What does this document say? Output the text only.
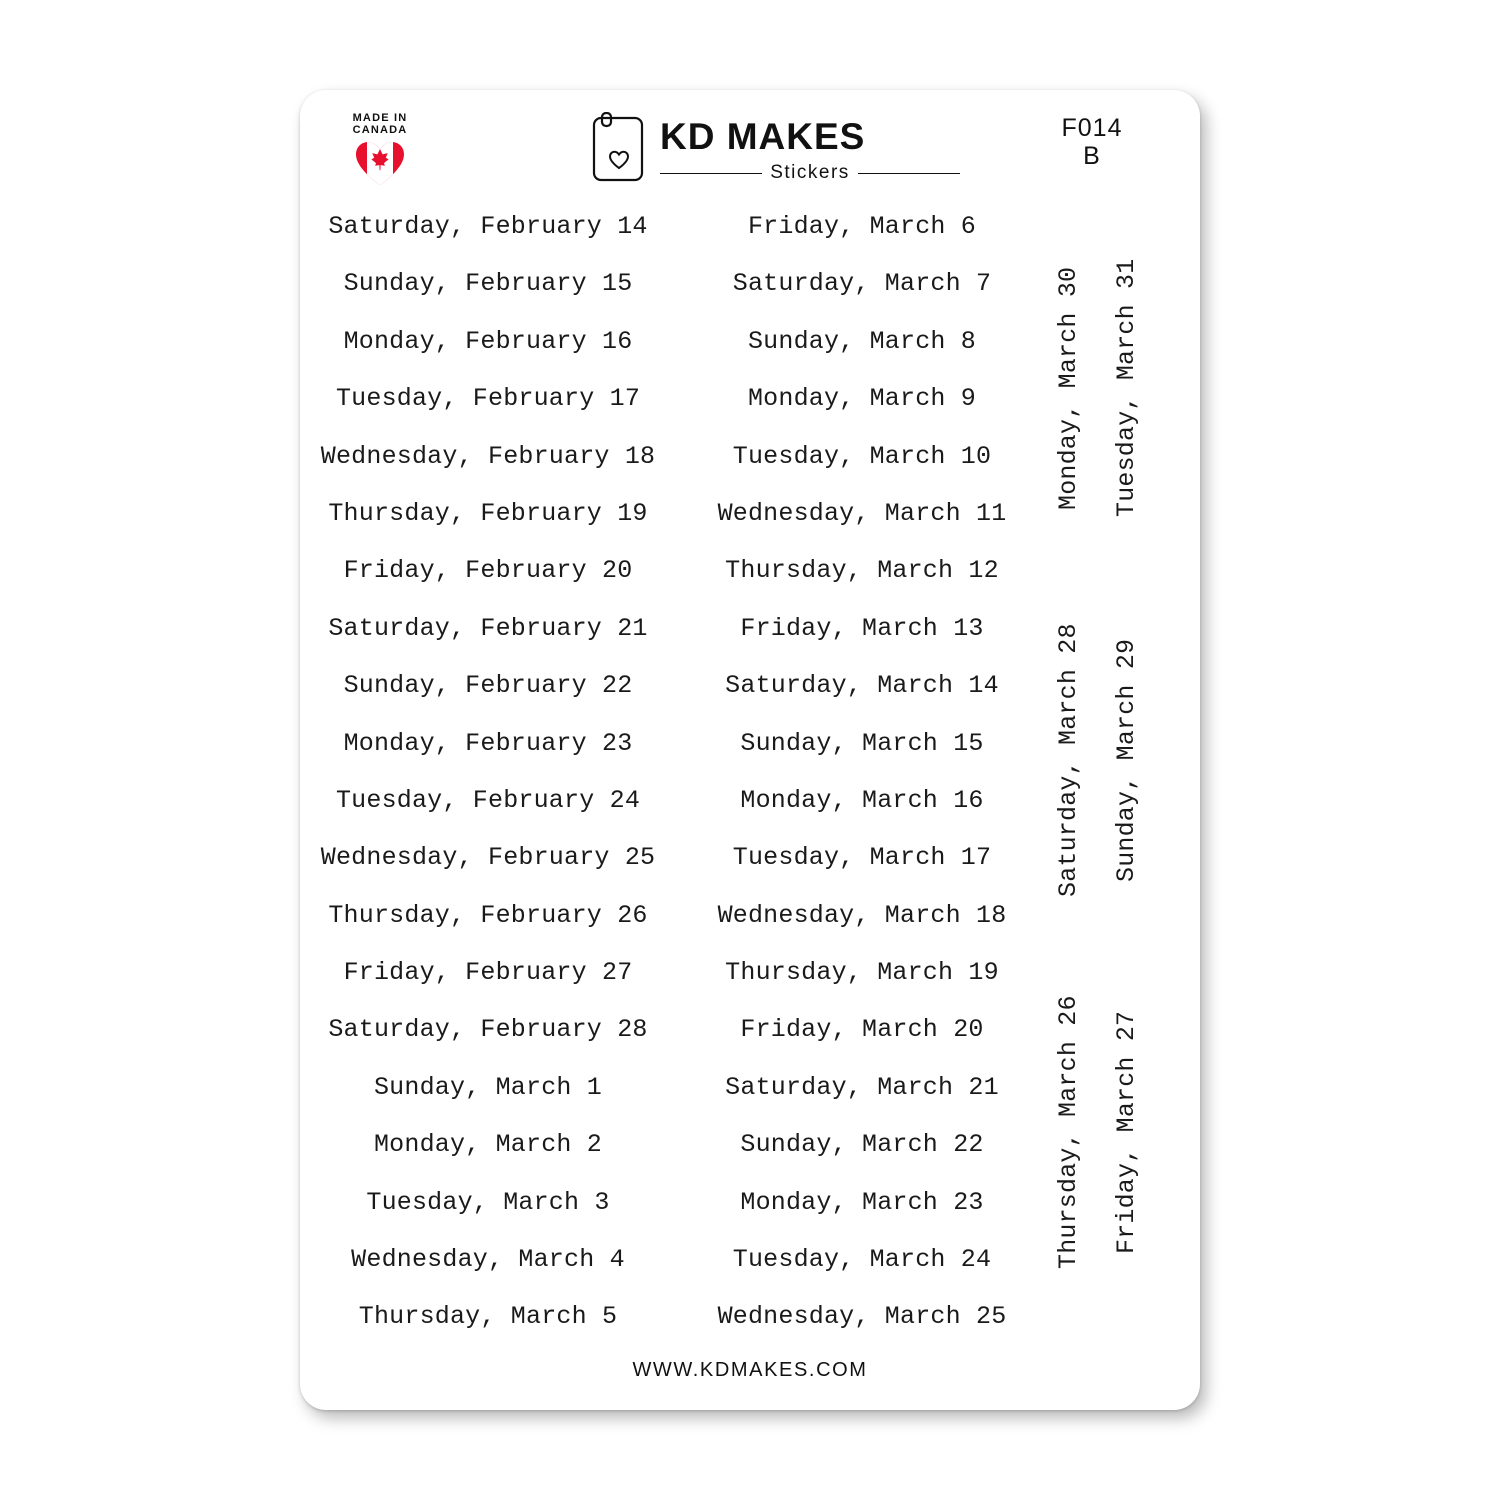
MADE IN CANADA	KD MAKES
Stickers
F014
B
Saturday, February 14
Sunday, February 15
Monday, February 16
Tuesday, February 17
Wednesday, February 18
Thursday, February 19
Friday, February 20
Saturday, February 21
Sunday, February 22
Monday, February 23
Tuesday, February 24
Wednesday, February 25
Thursday, February 26
Friday, February 27
Saturday, February 28
Sunday, March 1
Monday, March 2
Tuesday, March 3
Wednesday, March 4
Thursday, March 5
Friday, March 6
Saturday, March 7
Sunday, March 8
Monday, March 9
Tuesday, March 10
Wednesday, March 11
Thursday, March 12
Friday, March 13
Saturday, March 14
Sunday, March 15
Monday, March 16
Tuesday, March 17
Wednesday, March 18
Thursday, March 19
Friday, March 20
Saturday, March 21
Sunday, March 22
Monday, March 23
Tuesday, March 24
Wednesday, March 25
Monday, March 30 Tuesday, March 31
Saturday, March 28 Sunday, March 29
Thursday, March 26 Friday, March 27
WWW.KDMAKES.COM
